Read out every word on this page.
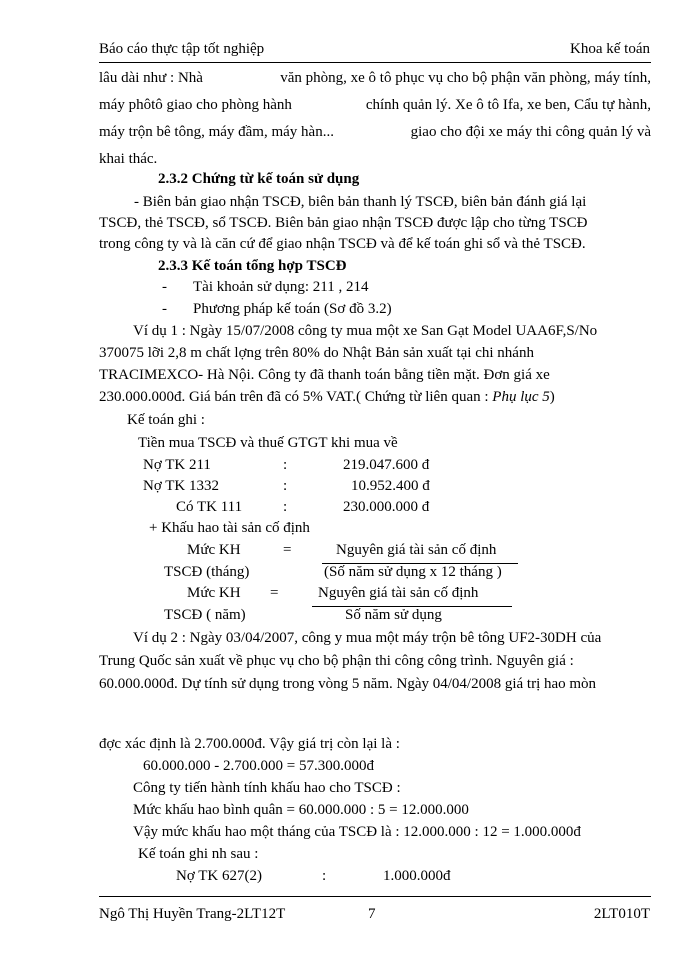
Báo cáo thực tập tốt nghiệp	Khoa kế toán
lâu dài như : Nhà	văn phòng, xe ô tô phục vụ cho bộ phận văn phòng, máy tính,
máy phôtô giao cho phòng hành	chính quản lý. Xe ô tô Ifa, xe ben, Cẩu tự hành,
máy trộn bê tông, máy đầm, máy hàn...	giao cho đội xe máy thi công quản lý và
khai thác.
2.3.2 Chứng từ kế toán sử dụng
- Biên bản giao nhận TSCĐ, biên bản thanh lý TSCĐ, biên bản đánh giá lại
TSCĐ, thẻ TSCĐ, sổ TSCĐ. Biên bản giao nhận TSCĐ được lập cho từng TSCĐ
trong công ty và là căn cứ để giao nhận TSCĐ và để kế toán ghi sổ và thẻ TSCĐ.
2.3.3 Kế toán tổng hợp TSCĐ
- Tài khoản sử dụng: 211 , 214
- Phương pháp kế toán (Sơ đồ 3.2)
Ví dụ 1 : Ngày 15/07/2008 công ty mua một xe San Gạt Model UAA6F,S/No
370075 lỡi 2,8 m chất lợng trên 80% do Nhật Bản sản xuất tại chi nhánh
TRACIMEXCO- Hà Nội. Công ty đã thanh toán bằng tiền mặt. Đơn giá xe
230.000.000đ. Giá bán trên đã có 5% VAT.( Chứng từ liên quan : Phụ lục 5)
Kế toán ghi :
Tiền mua TSCĐ và thuế GTGT khi mua về
Nợ TK 211	:	219.047.600 đ
Nợ TK 1332	:	10.952.400 đ
Có TK 111	:	230.000.000 đ
+ Khấu hao tài sản cố định
Mức KH	=	Nguyên giá tài sản cố định
TSCĐ (tháng)	(Số năm sử dụng x 12 tháng )
Mức KH =	Nguyên giá tài sản cố định
TSCĐ ( năm)	Số năm sử dụng
Ví dụ 2 : Ngày 03/04/2007, công y mua một máy trộn bê tông UF2-30DH của
Trung Quốc sản xuất về phục vụ cho bộ phận thi công công trình. Nguyên giá :
60.000.000đ. Dự tính sử dụng trong vòng 5 năm. Ngày 04/04/2008 giá trị hao mòn
đợc xác định là 2.700.000đ. Vậy giá trị còn lại là :
60.000.000 - 2.700.000 = 57.300.000đ
Công ty tiến hành tính khấu hao cho TSCĐ :
Mức khấu hao bình quân = 60.000.000 : 5 = 12.000.000
Vậy mức khấu hao một tháng của TSCĐ là : 12.000.000 : 12 = 1.000.000đ
Kế toán ghi nh sau :
Nợ TK 627(2)	:	1.000.000đ
Ngô Thị Huyền Trang-2LT12T	7	2LT010T
